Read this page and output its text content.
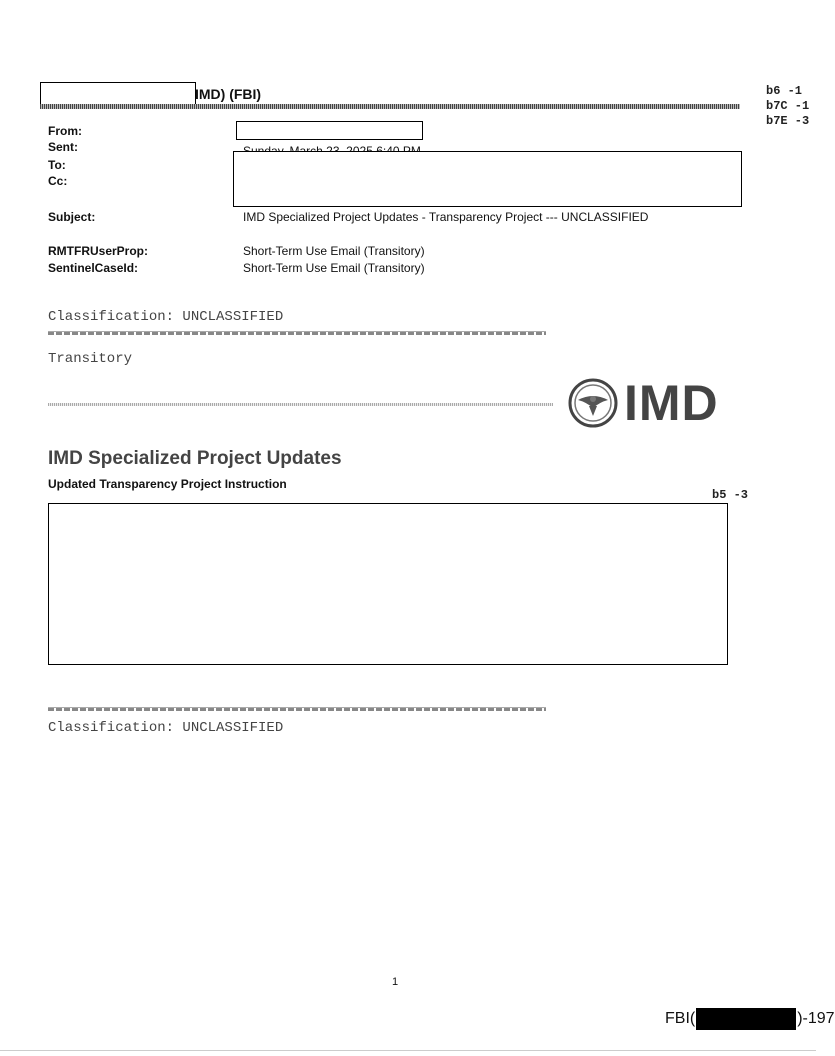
b6 -1
b7C -1
b7E -3
IMD) (FBI)
From:
Sent:
To:
Cc:
Subject:	IMD Specialized Project Updates - Transparency Project --- UNCLASSIFIED
RMTFRUserProp:	Short-Term Use Email (Transitory)
SentinelCaseId:	Short-Term Use Email (Transitory)
Classification: UNCLASSIFIED
Transitory
IMD
IMD Specialized Project Updates
Updated Transparency Project Instruction
b5 -3
Classification: UNCLASSIFIED
1
FBI(	)-197
